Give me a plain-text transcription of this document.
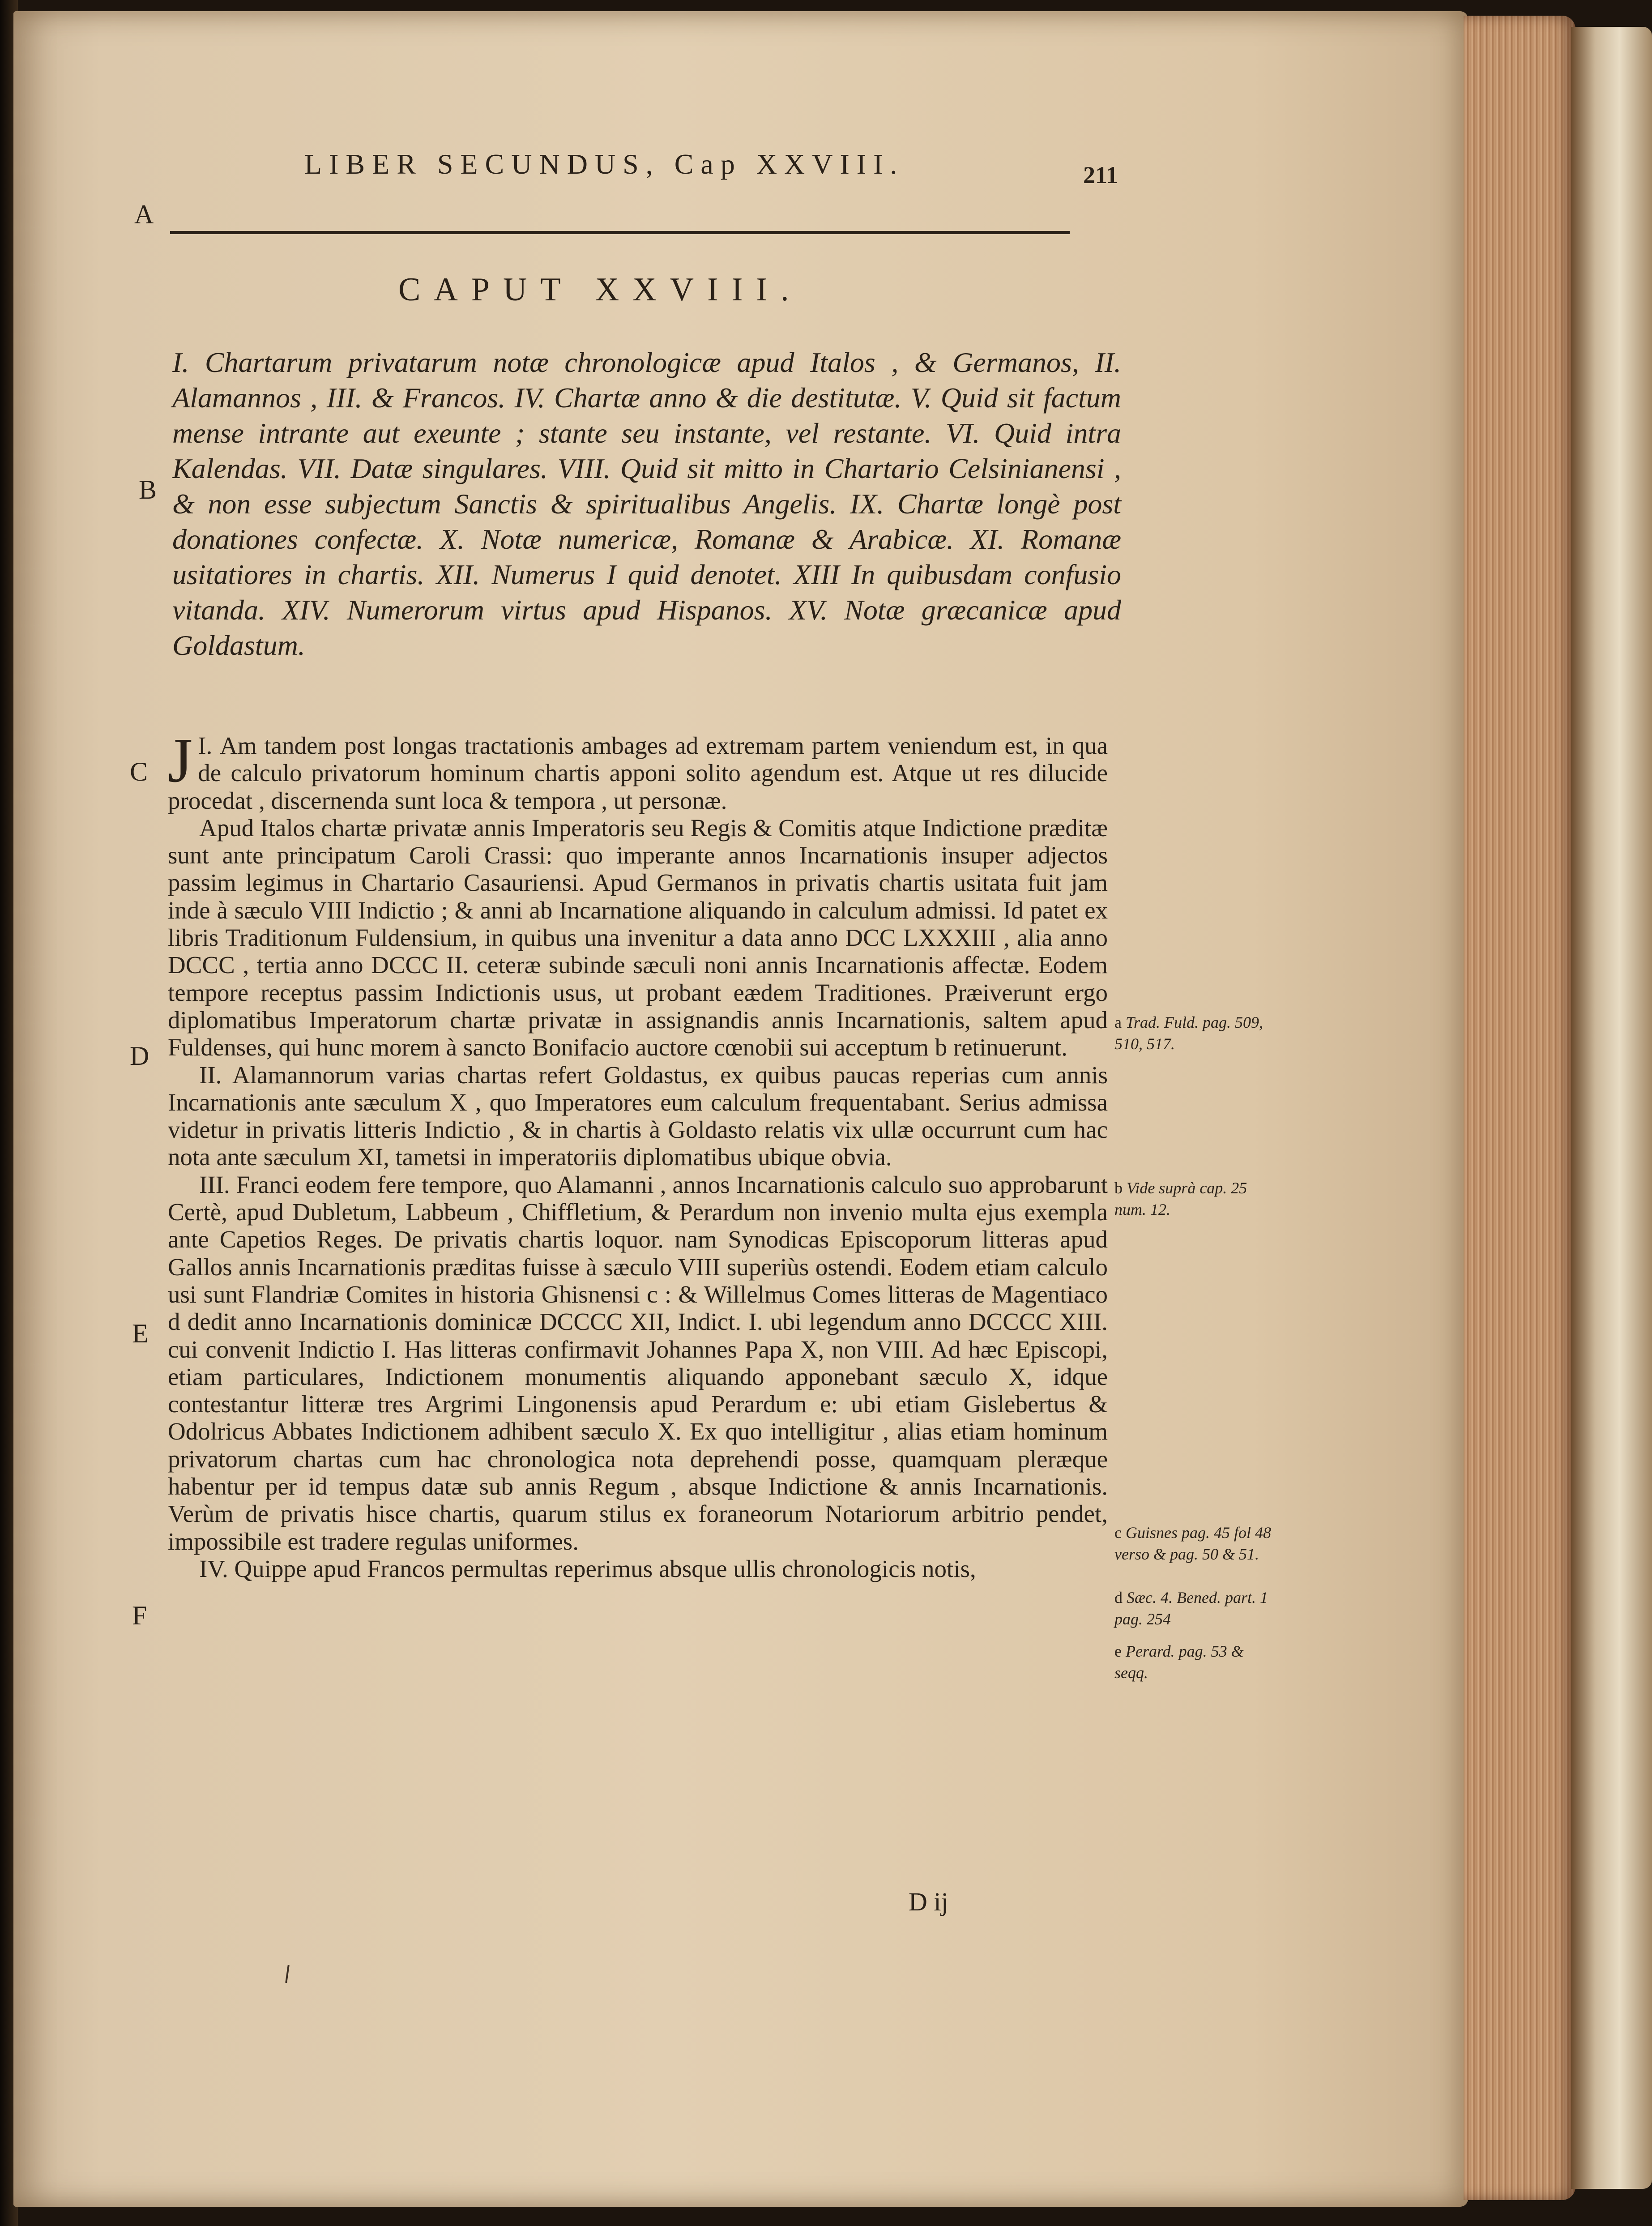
LIBER SECUNDUS, Cap XXVIII.	211
A
CAPUT XXVIII.
I. Chartarum privatarum notæ chronologicæ apud Italos , & Germanos, II. Alamannos , III. & Francos. IV. Chartæ anno & die destitutæ. V. Quid sit factum mense intrante aut exeunte ; stante seu instante, vel restante. VI. Quid intra Kalendas. VII. Datæ singulares. VIII. Quid sit mitto in Chartario Celsinianensi , & non esse subjectum Sanctis & spiritualibus Angelis. IX. Chartæ longè post donationes confectæ. X. Notæ numericæ, Romanæ & Arabicæ. XI. Romanæ usitatiores in chartis. XII. Numerus I quid denotet. XIII In quibusdam confusio vitanda. XIV. Numerorum virtus apud Hispanos. XV. Notæ græcanicæ apud Goldastum.
B
C
D
E
F

I.
J Am tandem post longas tractationis ambages ad extremam partem veniendum est, in qua de calculo privatorum hominum chartis apponi solito agendum est. Atque ut res dilucide procedat , discernenda sunt loca & tempora , ut personæ.

Apud Italos chartæ privatæ annis Imperatoris seu Regis & Comitis atque Indictione præditæ sunt ante principatum Caroli Crassi: quo imperante annos Incarnationis insuper adjectos passim legimus in Chartario Casauriensi. Apud Germanos in privatis chartis usitata fuit jam inde à sæculo VIII Indictio ; & anni ab Incarnatione aliquando in calculum admissi. Id patet ex libris Traditionum Fuldensium, in quibus una invenitur a data anno DCC LXXXIII , alia anno DCCC , tertia anno DCCC II. ceteræ subinde sæculi noni annis Incarnationis affectæ. Eodem tempore receptus passim Indictionis usus, ut probant eædem Traditiones. Præiverunt ergo diplomatibus Imperatorum chartæ privatæ in assignandis annis Incarnationis, saltem apud Fuldenses, qui hunc morem à sancto Bonifacio auctore cœnobii sui acceptum b retinuerunt.

II. Alamannorum varias chartas refert Goldastus, ex quibus paucas reperias cum annis Incarnationis ante sæculum X , quo Imperatores eum calculum frequentabant. Serius admissa videtur in privatis litteris Indictio , & in chartis à Goldasto relatis vix ullæ occurrunt cum hac nota ante sæculum XI, tametsi in imperatoriis diplomatibus ubique obvia.

III. Franci eodem fere tempore, quo Alamanni , annos Incarnationis calculo suo approbarunt Certè, apud Dubletum, Labbeum , Chiffletium, & Perardum non invenio multa ejus exempla ante Capetios Reges. De privatis chartis loquor. nam Synodicas Episcoporum litteras apud Gallos annis Incarnationis præditas fuisse à sæculo VIII superiùs ostendi. Eodem etiam calculo usi sunt Flandriæ Comites in historia Ghisnensi c : & Willelmus Comes litteras de Magentiaco d dedit anno Incarnationis dominicæ DCCCC XII, Indict. I. ubi legendum anno DCCCC XIII. cui convenit Indictio I. Has litteras confirmavit Johannes Papa X, non VIII. Ad hæc Episcopi, etiam particulares, Indictionem monumentis aliquando apponebant sæculo X, idque contestantur litteræ tres Argrimi Lingonensis apud Perardum e: ubi etiam Gislebertus & Odolricus Abbates Indictionem adhibent sæculo X. Ex quo intelligitur , alias etiam hominum privatorum chartas cum hac chronologica nota deprehendi posse, quamquam pleræque habentur per id tempus datæ sub annis Regum , absque Indictione & annis Incarnationis. Verùm de privatis hisce chartis, quarum stilus ex foraneorum Notariorum arbitrio pendet, impossibile est tradere regulas uniformes.

IV. Quippe apud Francos permultas reperimus absque ullis chronologicis notis,

a Trad. Fuld. pag. 509, 510, 517.
b Vide suprà cap. 25 num. 12.
c Guisnes pag. 45 fol 48 verso & pag. 50 & 51.
d Sæc. 4. Bened. part. 1 pag. 254
e Perard. pag. 53 & seqq.
D ij
